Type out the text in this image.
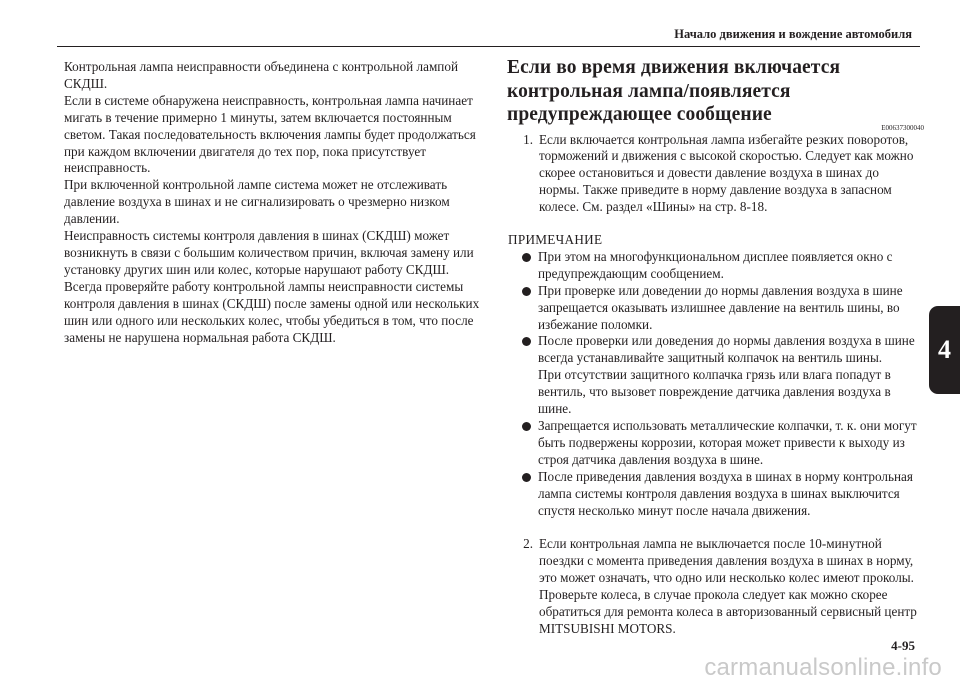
Начало движения и вождение автомобиля

Контрольная лампа неисправности объединена с контрольной лампой СКДШ.

Если в системе обнаружена неисправность, контрольная лампа начинает мигать в течение примерно 1 минуты, затем включается постоянным светом. Такая последовательность включения лампы будет продолжаться при каждом включении двигателя до тех пор, пока присутствует неисправность.

При включенной контрольной лампе система может не отслеживать давление воздуха в шинах и не сигнализировать о чрезмерно низком давлении.

Неисправность системы контроля давления в шинах (СКДШ) может возникнуть в связи с большим количеством причин, включая замену или установку других шин или колес, которые нарушают работу СКДШ.

Всегда проверяйте работу контрольной лампы неисправности системы контроля давления в шинах (СКДШ) после замены одной или нескольких шин или одного или нескольких колес, чтобы убедиться в том, что после замены не нарушена нормальная работа СКДШ.

Если во время движения включается
контрольная лампа/появляется
предупреждающее сообщение
E00637300040
1. Если включается контрольная лампа избегайте резких поворотов, торможений и движения с высокой скоростью. Следует как можно скорее остановиться и довести давление воздуха в шинах до нормы. Также приведите в норму давление воздуха в запасном колесе. См. раздел «Шины» на стр. 8-18.
ПРИМЕЧАНИЕ
При этом на многофункциональном дисплее появляется окно с предупреждающим сообщением.
При проверке или доведении до нормы давления воздуха в шине запрещается оказывать излишнее давление на вентиль шины, во избежание поломки.
После проверки или доведения до нормы давления воздуха в шине всегда устанавливайте защитный колпачок на вентиль шины.
При отсутствии защитного колпачка грязь или влага попадут в вентиль, что вызовет повреждение датчика давления воздуха в шине.
Запрещается использовать металлические колпачки, т. к. они могут быть подвержены коррозии, которая может привести к выходу из строя датчика давления воздуха в шине.
После приведения давления воздуха в шинах в норму контрольная лампа системы контроля давления воздуха в шинах выключится спустя несколько минут после начала движения.
2. Если контрольная лампа не выключается после 10-минутной поездки с момента приведения давления воздуха в шинах в норму, это может означать, что одно или несколько колес имеют проколы. Проверьте колеса, в случае прокола следует как можно скорее обратиться для ремонта колеса в авторизованный сервисный центр MITSUBISHI MOTORS.
4
4-95
carmanualsonline.info
